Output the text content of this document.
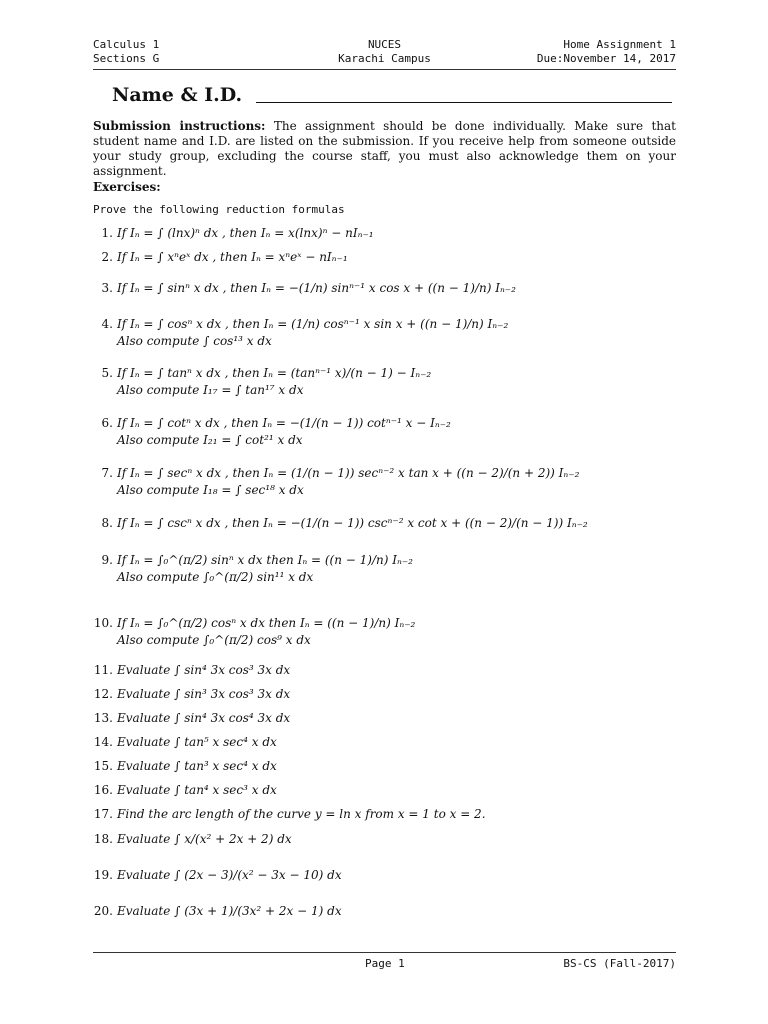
Calculus 1	NUCES	Home Assignment 1
Sections G	Karachi Campus	Due:November 14, 2017
Name & I.D.
Submission instructions: The assignment should be done individually. Make sure that student name and I.D. are listed on the submission. If you receive help from someone outside your study group, excluding the course staff, you must also acknowledge them on your assignment.
Exercises:
Prove the following reduction formulas
1. If Iₙ = ∫ (lnx)ⁿ dx , then Iₙ = x(lnx)ⁿ − nIₙ₋₁
2. If Iₙ = ∫ xⁿeˣ dx , then Iₙ = xⁿeˣ − nIₙ₋₁
3. If Iₙ = ∫ sinⁿ x dx , then Iₙ = −(1/n) sinⁿ⁻¹ x cos x + ((n − 1)/n) Iₙ₋₂
4. If Iₙ = ∫ cosⁿ x dx , then Iₙ = (1/n) cosⁿ⁻¹ x sin x + ((n − 1)/n) Iₙ₋₂
Also compute ∫ cos¹³ x dx
5. If Iₙ = ∫ tanⁿ x dx , then Iₙ = (tanⁿ⁻¹ x)/(n − 1) − Iₙ₋₂
Also compute I₁₇ = ∫ tan¹⁷ x dx
6. If Iₙ = ∫ cotⁿ x dx , then Iₙ = −(1/(n − 1)) cotⁿ⁻¹ x − Iₙ₋₂
Also compute I₂₁ = ∫ cot²¹ x dx
7. If Iₙ = ∫ secⁿ x dx , then Iₙ = (1/(n − 1)) secⁿ⁻² x tan x + ((n − 2)/(n + 2)) Iₙ₋₂
Also compute I₁₈ = ∫ sec¹⁸ x dx
8. If Iₙ = ∫ cscⁿ x dx , then Iₙ = −(1/(n − 1)) cscⁿ⁻² x cot x + ((n − 2)/(n − 1)) Iₙ₋₂
9. If Iₙ = ∫₀^(π/2) sinⁿ x dx then Iₙ = ((n − 1)/n) Iₙ₋₂
Also compute ∫₀^(π/2) sin¹¹ x dx
10. If Iₙ = ∫₀^(π/2) cosⁿ x dx then Iₙ = ((n − 1)/n) Iₙ₋₂
Also compute ∫₀^(π/2) cos⁹ x dx
11. Evaluate ∫ sin⁴ 3x cos³ 3x dx
12. Evaluate ∫ sin³ 3x cos³ 3x dx
13. Evaluate ∫ sin⁴ 3x cos⁴ 3x dx
14. Evaluate ∫ tan⁵ x sec⁴ x dx
15. Evaluate ∫ tan³ x sec⁴ x dx
16. Evaluate ∫ tan⁴ x sec³ x dx
17. Find the arc length of the curve y = ln x from x = 1 to x = 2.
18. Evaluate ∫ x/(x² + 2x + 2) dx
19. Evaluate ∫ (2x − 3)/(x² − 3x − 10) dx
20. Evaluate ∫ (3x + 1)/(3x² + 2x − 1) dx
Page 1	BS-CS (Fall-2017)
